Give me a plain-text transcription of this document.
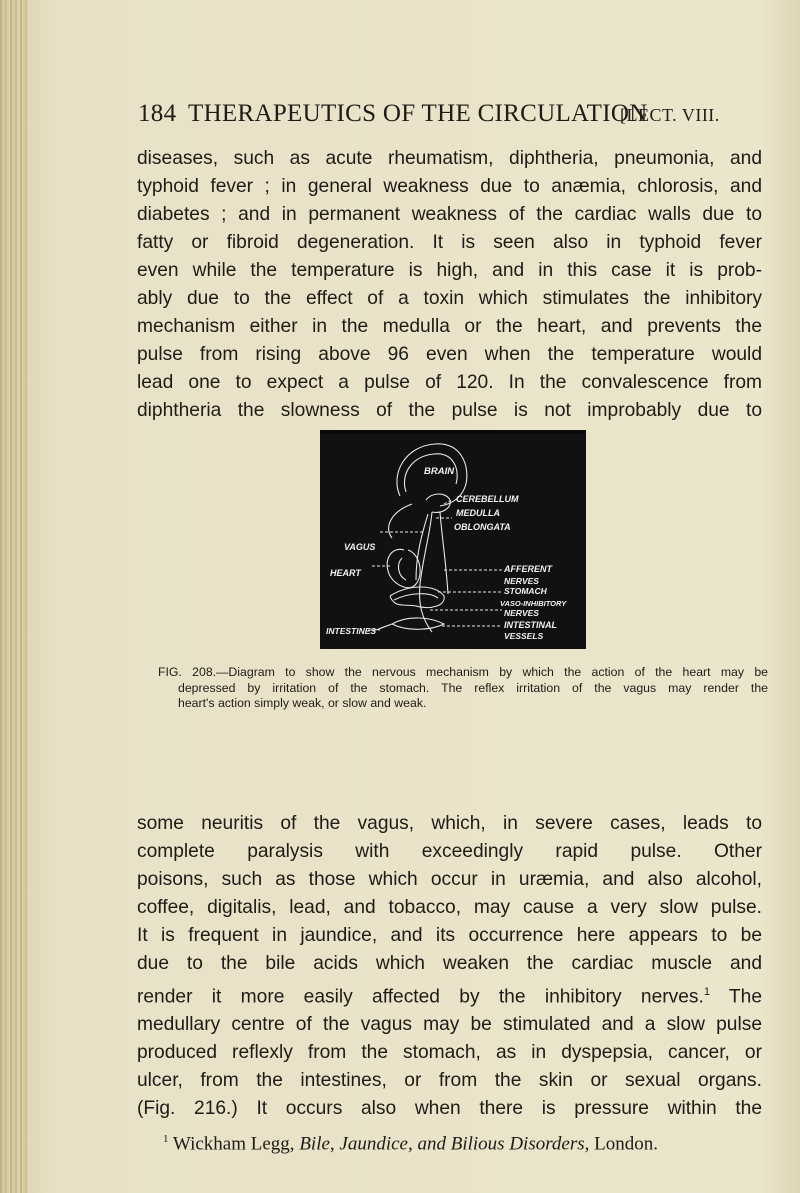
184 THERAPEUTICS OF THE CIRCULATION
[LECT. VIII.
diseases, such as acute rheumatism, diphtheria, pneumonia, and
typhoid fever ; in general weakness due to anæmia, chlorosis, and
diabetes ; and in permanent weakness of the cardiac walls due to
fatty or fibroid degeneration. It is seen also in typhoid fever
even while the temperature is high, and in this case it is prob-
ably due to the effect of a toxin which stimulates the inhibitory
mechanism either in the medulla or the heart, and prevents the
pulse from rising above 96 even when the temperature would
lead one to expect a pulse of 120. In the convalescence from
diphtheria the slowness of the pulse is not improbably due to
BRAIN
CEREBELLUM
MEDULLA
OBLONGATA
VAGUS
HEART	AFFERENT
NERVES
STOMACH
VASO-INHIBITORY
NERVES
INTESTINAL
VESSELS
INTESTINES
FIG. 208.—Diagram to show the nervous mechanism by which the action of the heart may be
depressed by irritation of the stomach. The reflex irritation of the vagus may render the
heart's action simply weak, or slow and weak.
some neuritis of the vagus, which, in severe cases, leads to
complete paralysis with exceedingly rapid pulse. Other
poisons, such as those which occur in uræmia, and also alcohol,
coffee, digitalis, lead, and tobacco, may cause a very slow pulse.
It is frequent in jaundice, and its occurrence here appears to be
due to the bile acids which weaken the cardiac muscle and
render it more easily affected by the inhibitory nerves.$^1$ The
medullary centre of the vagus may be stimulated and a slow pulse
produced reflexly from the stomach, as in dyspepsia, cancer, or
ulcer, from the intestines, or from the skin or sexual organs.
(Fig. 216.) It occurs also when there is pressure within the
$^1$ Wickham Legg, Bile, Jaundice, and Bilious Disorders, London.
